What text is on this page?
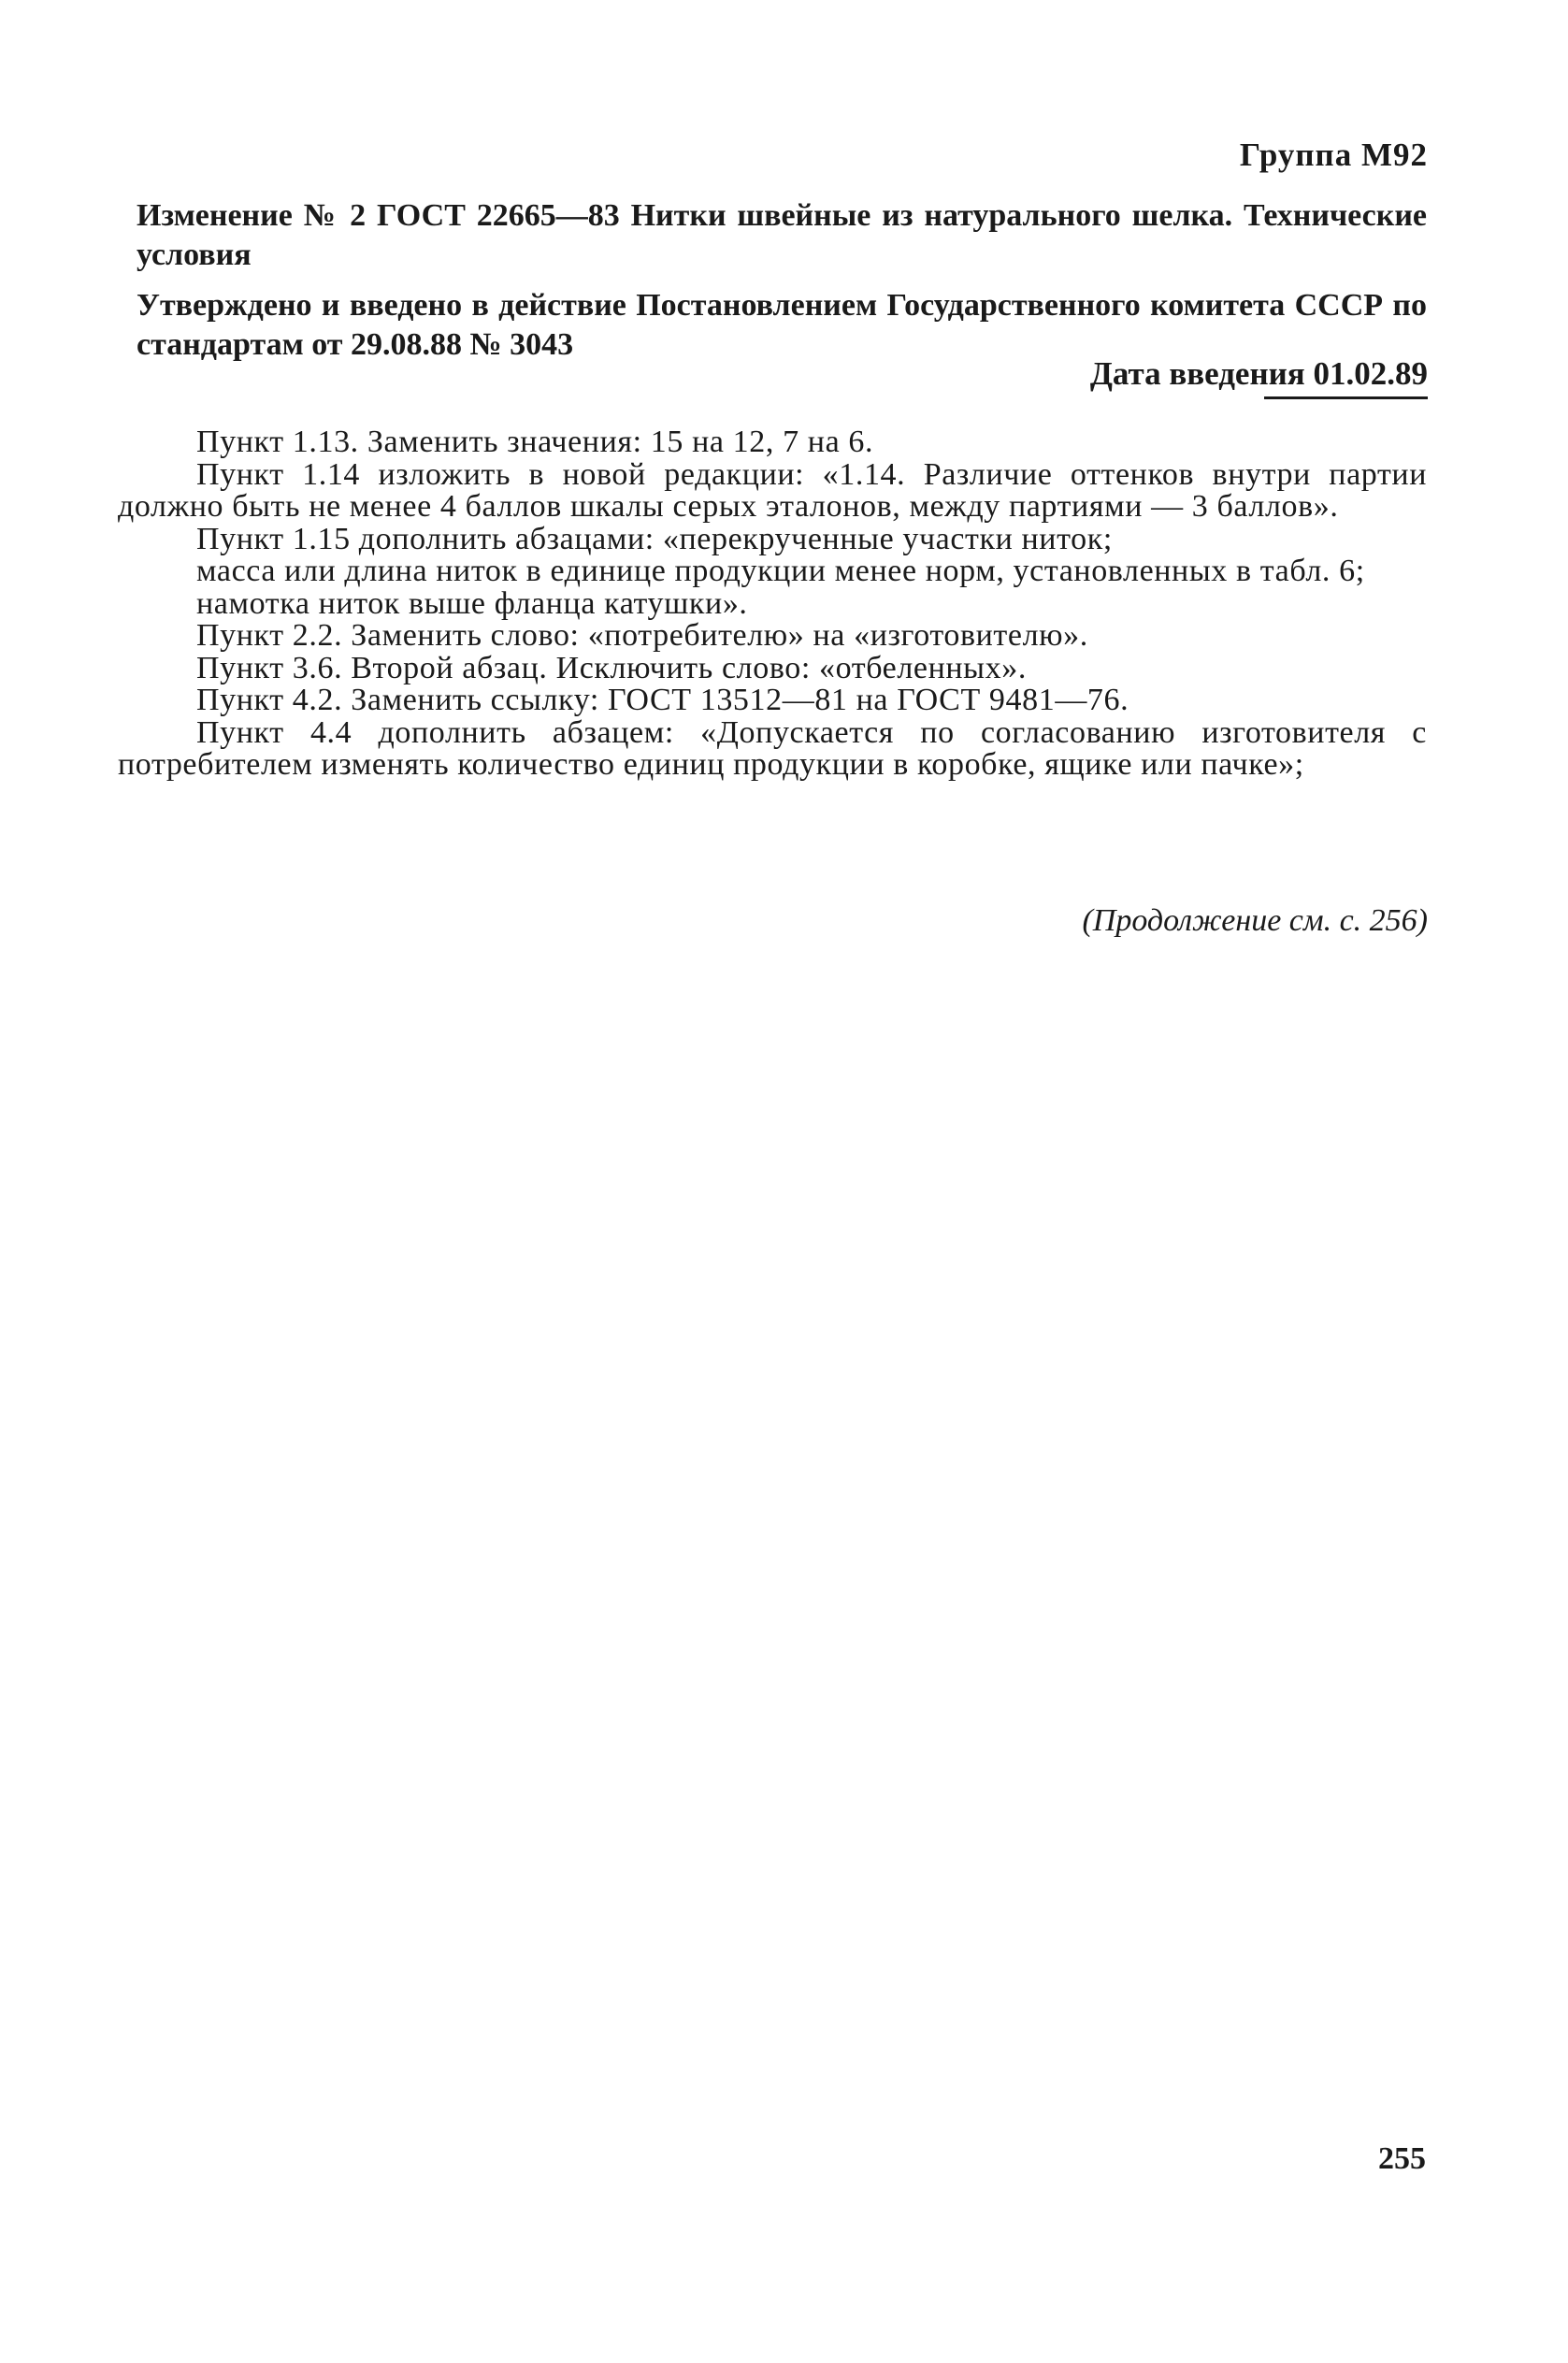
Группа М92
Изменение № 2 ГОСТ 22665—83 Нитки швейные из натурального шелка. Технические условия
Утверждено и введено в действие Постановлением Государственного комитета СССР по стандартам от 29.08.88 № 3043
Дата введения 01.02.89

Пункт 1.13. Заменить значения: 15 на 12, 7 на 6.

Пункт 1.14 изложить в новой редакции: «1.14. Различие оттенков внутри партии должно быть не менее 4 баллов шкалы серых эталонов, между партиями — 3 баллов».

Пункт 1.15 дополнить абзацами: «перекрученные участки ниток;

масса или длина ниток в единице продукции менее норм, установленных в табл. 6;

намотка ниток выше фланца катушки».

Пункт 2.2. Заменить слово: «потребителю» на «изготовителю».

Пункт 3.6. Второй абзац. Исключить слово: «отбеленных».

Пункт 4.2. Заменить ссылку: ГОСТ 13512—81 на ГОСТ 9481—76.

Пункт 4.4 дополнить абзацем: «Допускается по согласованию изготовителя с потребителем изменять количество единиц продукции в коробке, ящике или пачке»;

(Продолжение см. с. 256)
255
